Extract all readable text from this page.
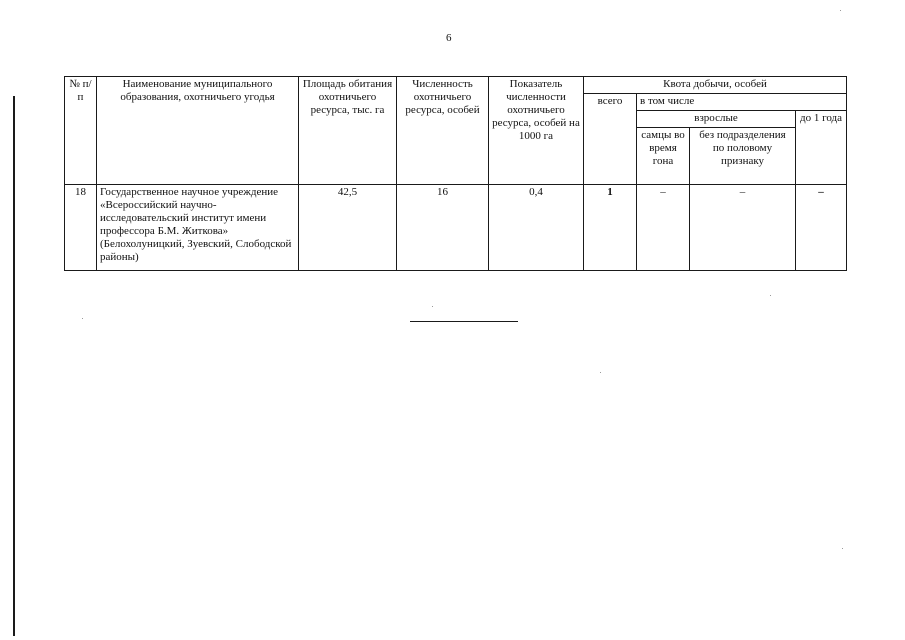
6
№ п/п	Наименование муниципального образования, охотничьего угодья	Площадь обитания охотничьего ресурса, тыс. га	Численность охотничьего ресурса, особей	Показатель численности охотничьего ресурса, особей на 1000 га	Квота добычи, особей			
					всего	в том числе		
						взрослые		до 1 года
						самцы во время гона	без подразделения по половому признаку	
18	Государственное научное учреждение «Всероссийский научно-исследовательский институт имени профессора Б.М. Житкова» (Белохолуницкий, Зуевский, Слободской районы)	42,5	16	0,4	1	–	–	–
